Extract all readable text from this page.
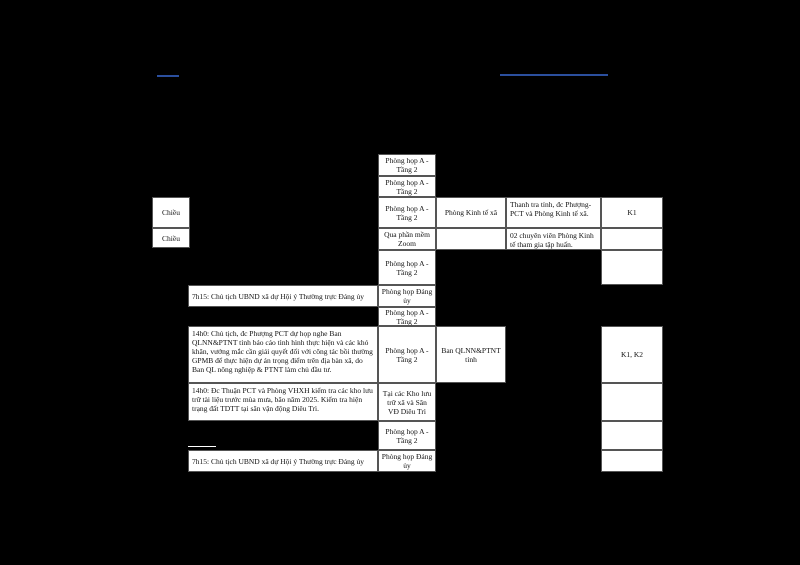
Chiều
Chiều
7h15: Chủ tịch UBND xã dự Hội ý Thường trực Đảng ủy
14h0: Chủ tịch, đc Phượng PCT dự họp nghe Ban QLNN&PTNT tỉnh báo cáo tình hình thực hiện và các khó khăn, vướng mắc cần giải quyết đối với công tác bồi thường GPMB để thực hiện dự án trọng điểm trên địa bàn xã, do Ban QL nông nghiệp & PTNT làm chủ đầu tư.
14h0: Đc Thuận PCT và Phòng VHXH kiểm tra các kho lưu trữ tài liệu trước mùa mưa, bão năm 2025. Kiểm tra hiện trạng đất TDTT tại sân vận động Diêu Trì.
7h15: Chủ tịch UBND xã dự Hội ý Thường trực Đảng ủy
Phòng họp A - Tầng 2
Phòng họp A - Tầng 2
Phòng họp A - Tầng 2
Qua phần mềm Zoom
Phòng họp A - Tầng 2
Phòng họp Đảng ủy
Phòng họp A - Tầng 2
Phòng họp A - Tầng 2
Tại các Kho lưu trữ xã và Sân VĐ Diêu Trì
Phòng họp A - Tầng 2
Phòng họp Đảng ủy
Phòng Kinh tế xã
Ban QLNN&PTNT tỉnh
Thanh tra tỉnh, đc Phượng-PCT và Phòng Kinh tế xã.
02 chuyên viên Phòng Kinh tế tham gia tập huấn.
K1
K1, K2
